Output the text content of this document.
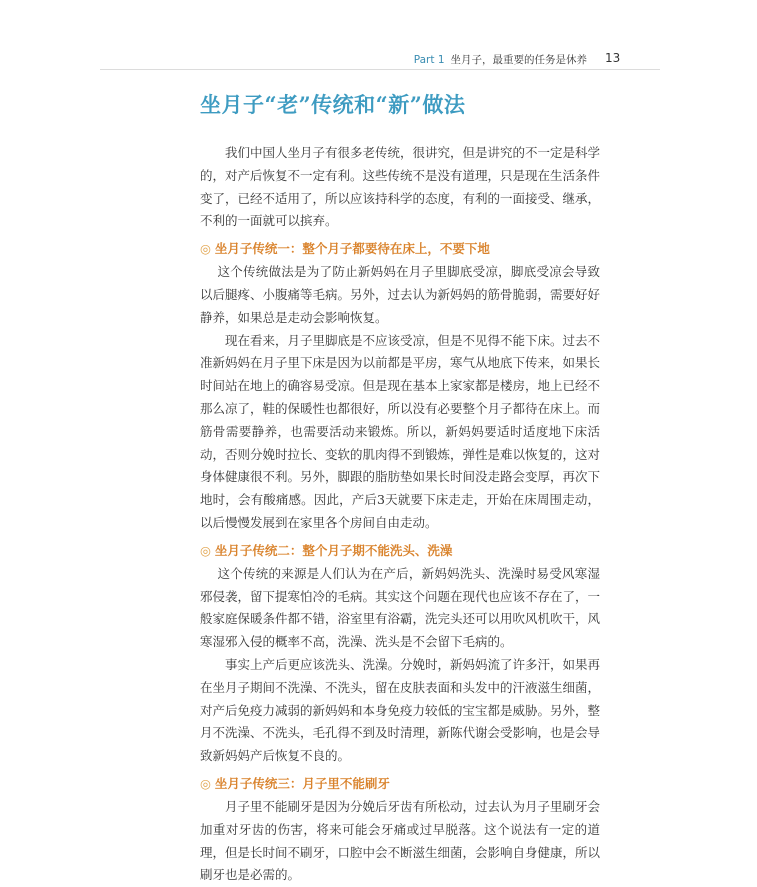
Part 1 坐月子，最重要的任务是休养 13
坐月子“老”传统和“新”做法

我们中国人坐月子有很多老传统，很讲究，但是讲究的不一定是科学的，对产后恢复不一定有利。这些传统不是没有道理，只是现在生活条件变了，已经不适用了，所以应该持科学的态度，有利的一面接受、继承，不利的一面就可以摈弃。

◎ 坐月子传统一：整个月子都要待在床上，不要下地

这个传统做法是为了防止新妈妈在月子里脚底受凉，脚底受凉会导致以后腿疼、小腹痛等毛病。另外，过去认为新妈妈的筋骨脆弱，需要好好静养，如果总是走动会影响恢复。

现在看来，月子里脚底是不应该受凉，但是不见得不能下床。过去不准新妈妈在月子里下床是因为以前都是平房，寒气从地底下传来，如果长时间站在地上的确容易受凉。但是现在基本上家家都是楼房，地上已经不那么凉了，鞋的保暖性也都很好，所以没有必要整个月子都待在床上。而筋骨需要静养，也需要活动来锻炼。所以，新妈妈要适时适度地下床活动，否则分娩时拉长、变软的肌肉得不到锻炼，弹性是难以恢复的，这对身体健康很不利。另外，脚跟的脂肪垫如果长时间没走路会变厚，再次下地时，会有酸痛感。因此，产后3天就要下床走走，开始在床周围走动，以后慢慢发展到在家里各个房间自由走动。

◎ 坐月子传统二：整个月子期不能洗头、洗澡

这个传统的来源是人们认为在产后，新妈妈洗头、洗澡时易受风寒湿邪侵袭，留下提寒怕冷的毛病。其实这个问题在现代也应该不存在了，一般家庭保暖条件都不错，浴室里有浴霸，洗完头还可以用吹风机吹干，风寒湿邪入侵的概率不高，洗澡、洗头是不会留下毛病的。

事实上产后更应该洗头、洗澡。分娩时，新妈妈流了许多汗，如果再在坐月子期间不洗澡、不洗头，留在皮肤表面和头发中的汗液滋生细菌，对产后免疫力减弱的新妈妈和本身免疫力较低的宝宝都是威胁。另外，整月不洗澡、不洗头，毛孔得不到及时清理，新陈代谢会受影响，也是会导致新妈妈产后恢复不良的。

◎ 坐月子传统三：月子里不能刷牙

月子里不能刷牙是因为分娩后牙齿有所松动，过去认为月子里刷牙会加重对牙齿的伤害，将来可能会牙痛或过早脱落。这个说法有一定的道理，但是长时间不刷牙，口腔中会不断滋生细菌，会影响自身健康，所以刷牙也是必需的。
